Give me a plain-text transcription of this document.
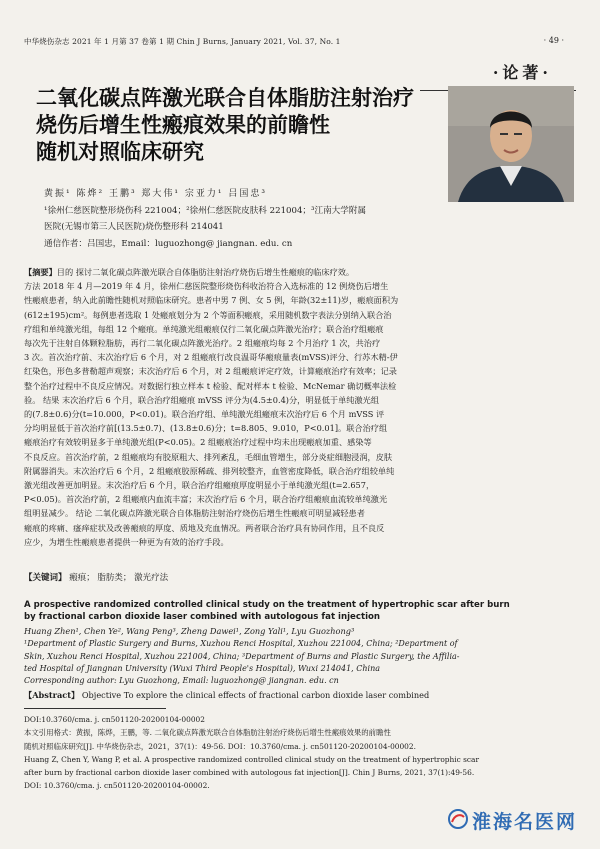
中华烧伤杂志 2021 年 1 月第 37 卷第 1 期 Chin J Burns, January 2021, Vol. 37, No. 1	· 49 ·
·论著·
二氧化碳点阵激光联合自体脂肪注射治疗
烧伤后增生性瘢痕效果的前瞻性
随机对照临床研究
黄振¹ 陈烨² 王鹏³ 郑大伟¹ 宗亚力¹ 吕国忠³
¹徐州仁慈医院整形烧伤科 221004；²徐州仁慈医院皮肤科 221004；³江南大学附属
医院(无锡市第三人民医院)烧伤整形科 214041
通信作者：吕国忠，Email：luguozhong@ jiangnan. edu. cn
【摘要】目的 探讨二氧化碳点阵激光联合自体脂肪注射治疗烧伤后增生性瘢痕的临床疗效。
方法 2018 年 4 月—2019 年 4 月，徐州仁慈医院整形烧伤科收治符合入选标准的 12 例烧伤后增生
性瘢痕患者，纳入此前瞻性随机对照临床研究。患者中男 7 例、女 5 例，年龄(32±11)岁，瘢痕面积为
(612±195)cm²。每例患者选取 1 处瘢痕划分为 2 个等面积瘢痕，采用随机数字表法分别纳入联合治
疗组和单纯激光组，每组 12 个瘢痕。单纯激光组瘢痕仅行二氧化碳点阵激光治疗；联合治疗组瘢痕
每次先于注射自体颗粒脂肪，再行二氧化碳点阵激光治疗。2 组瘢痕均每 2 个月治疗 1 次，共治疗
3 次。首次治疗前、末次治疗后 6 个月，对 2 组瘢痕行改良温哥华瘢痕量表(mVSS)评分、行苏木精-伊
红染色，形色多普勒超声观察；末次治疗后 6 个月，对 2 组瘢痕评定疗效，计算瘢痕治疗有效率；记录
整个治疗过程中不良反应情况。对数据行独立样本 t 检验、配对样本 t 检验、McNemar 确切概率法检
验。 结果 末次治疗后 6 个月，联合治疗组瘢痕 mVSS 评分为(4.5±0.4)分，明显低于单纯激光组
的(7.8±0.6)分(t=10.000，P<0.01)。联合治疗组、单纯激光组瘢痕末次治疗后 6 个月 mVSS 评
分均明显低于首次治疗前[(13.5±0.7)、(13.8±0.6)分；t=8.805、9.010，P<0.01]。联合治疗组
瘢痕治疗有效较明显多于单纯激光组(P<0.05)。2 组瘢痕治疗过程中均未出现瘢痕加重、感染等
不良反应。首次治疗前，2 组瘢痕均有胶原粗大、排列紊乱，毛细血管增生，部分炎症细胞浸润，皮肤
附属器消失。末次治疗后 6 个月，2 组瘢痕胶原稀疏、排列较整齐，血管密度降低，联合治疗组较单纯
激光组改善更加明显。末次治疗后 6 个月，联合治疗组瘢痕厚度明显小于单纯激光组(t=2.657，
P<0.05)。首次治疗前，2 组瘢痕内血流丰富；末次治疗后 6 个月，联合治疗组瘢痕血流较单纯激光
组明显减少。 结论 二氧化碳点阵激光联合自体脂肪注射治疗烧伤后增生性瘢痕可明显减轻患者
瘢痕的疼痛、瘙痒症状及改善瘢痕的厚度、质地及充血情况。两者联合治疗具有协同作用，且不良反
应少，为增生性瘢痕患者提供一种更为有效的治疗手段。
【关键词】 瘢痕； 脂肪类； 激光疗法
A prospective randomized controlled clinical study on the treatment of hypertrophic scar after burn
by fractional carbon dioxide laser combined with autologous fat injection
Huang Zhen¹, Chen Ye², Wang Peng³, Zheng Dawei¹, Zong Yali¹, Lyu Guozhong³
¹Department of Plastic Surgery and Burns, Xuzhou Renci Hospital, Xuzhou 221004, China; ²Department of
Skin, Xuzhou Renci Hospital, Xuzhou 221004, China; ³Department of Burns and Plastic Surgery, the Affilia-
ted Hospital of Jiangnan University (Wuxi Third People's Hospital), Wuxi 214041, China
Corresponding author: Lyu Guozhong, Email: luguozhong@ jiangnan. edu. cn
【Abstract】 Objective To explore the clinical effects of fractional carbon dioxide laser combined
DOI:10.3760/cma. j. cn501120-20200104-00002
本文引用格式：黄振，陈烨，王鹏，等. 二氧化碳点阵激光联合自体脂肪注射治疗烧伤后增生性瘢痕效果的前瞻性
随机对照临床研究[J]. 中华烧伤杂志，2021，37(1)：49-56. DOI：10.3760/cma. j. cn501120-20200104-00002.
Huang Z, Chen Y, Wang P, et al. A prospective randomized controlled clinical study on the treatment of hypertrophic scar
after burn by fractional carbon dioxide laser combined with autologous fat injection[J]. Chin J Burns, 2021, 37(1):49-56.
DOI: 10.3760/cma. j. cn501120-20200104-00002.
淮海名医网
